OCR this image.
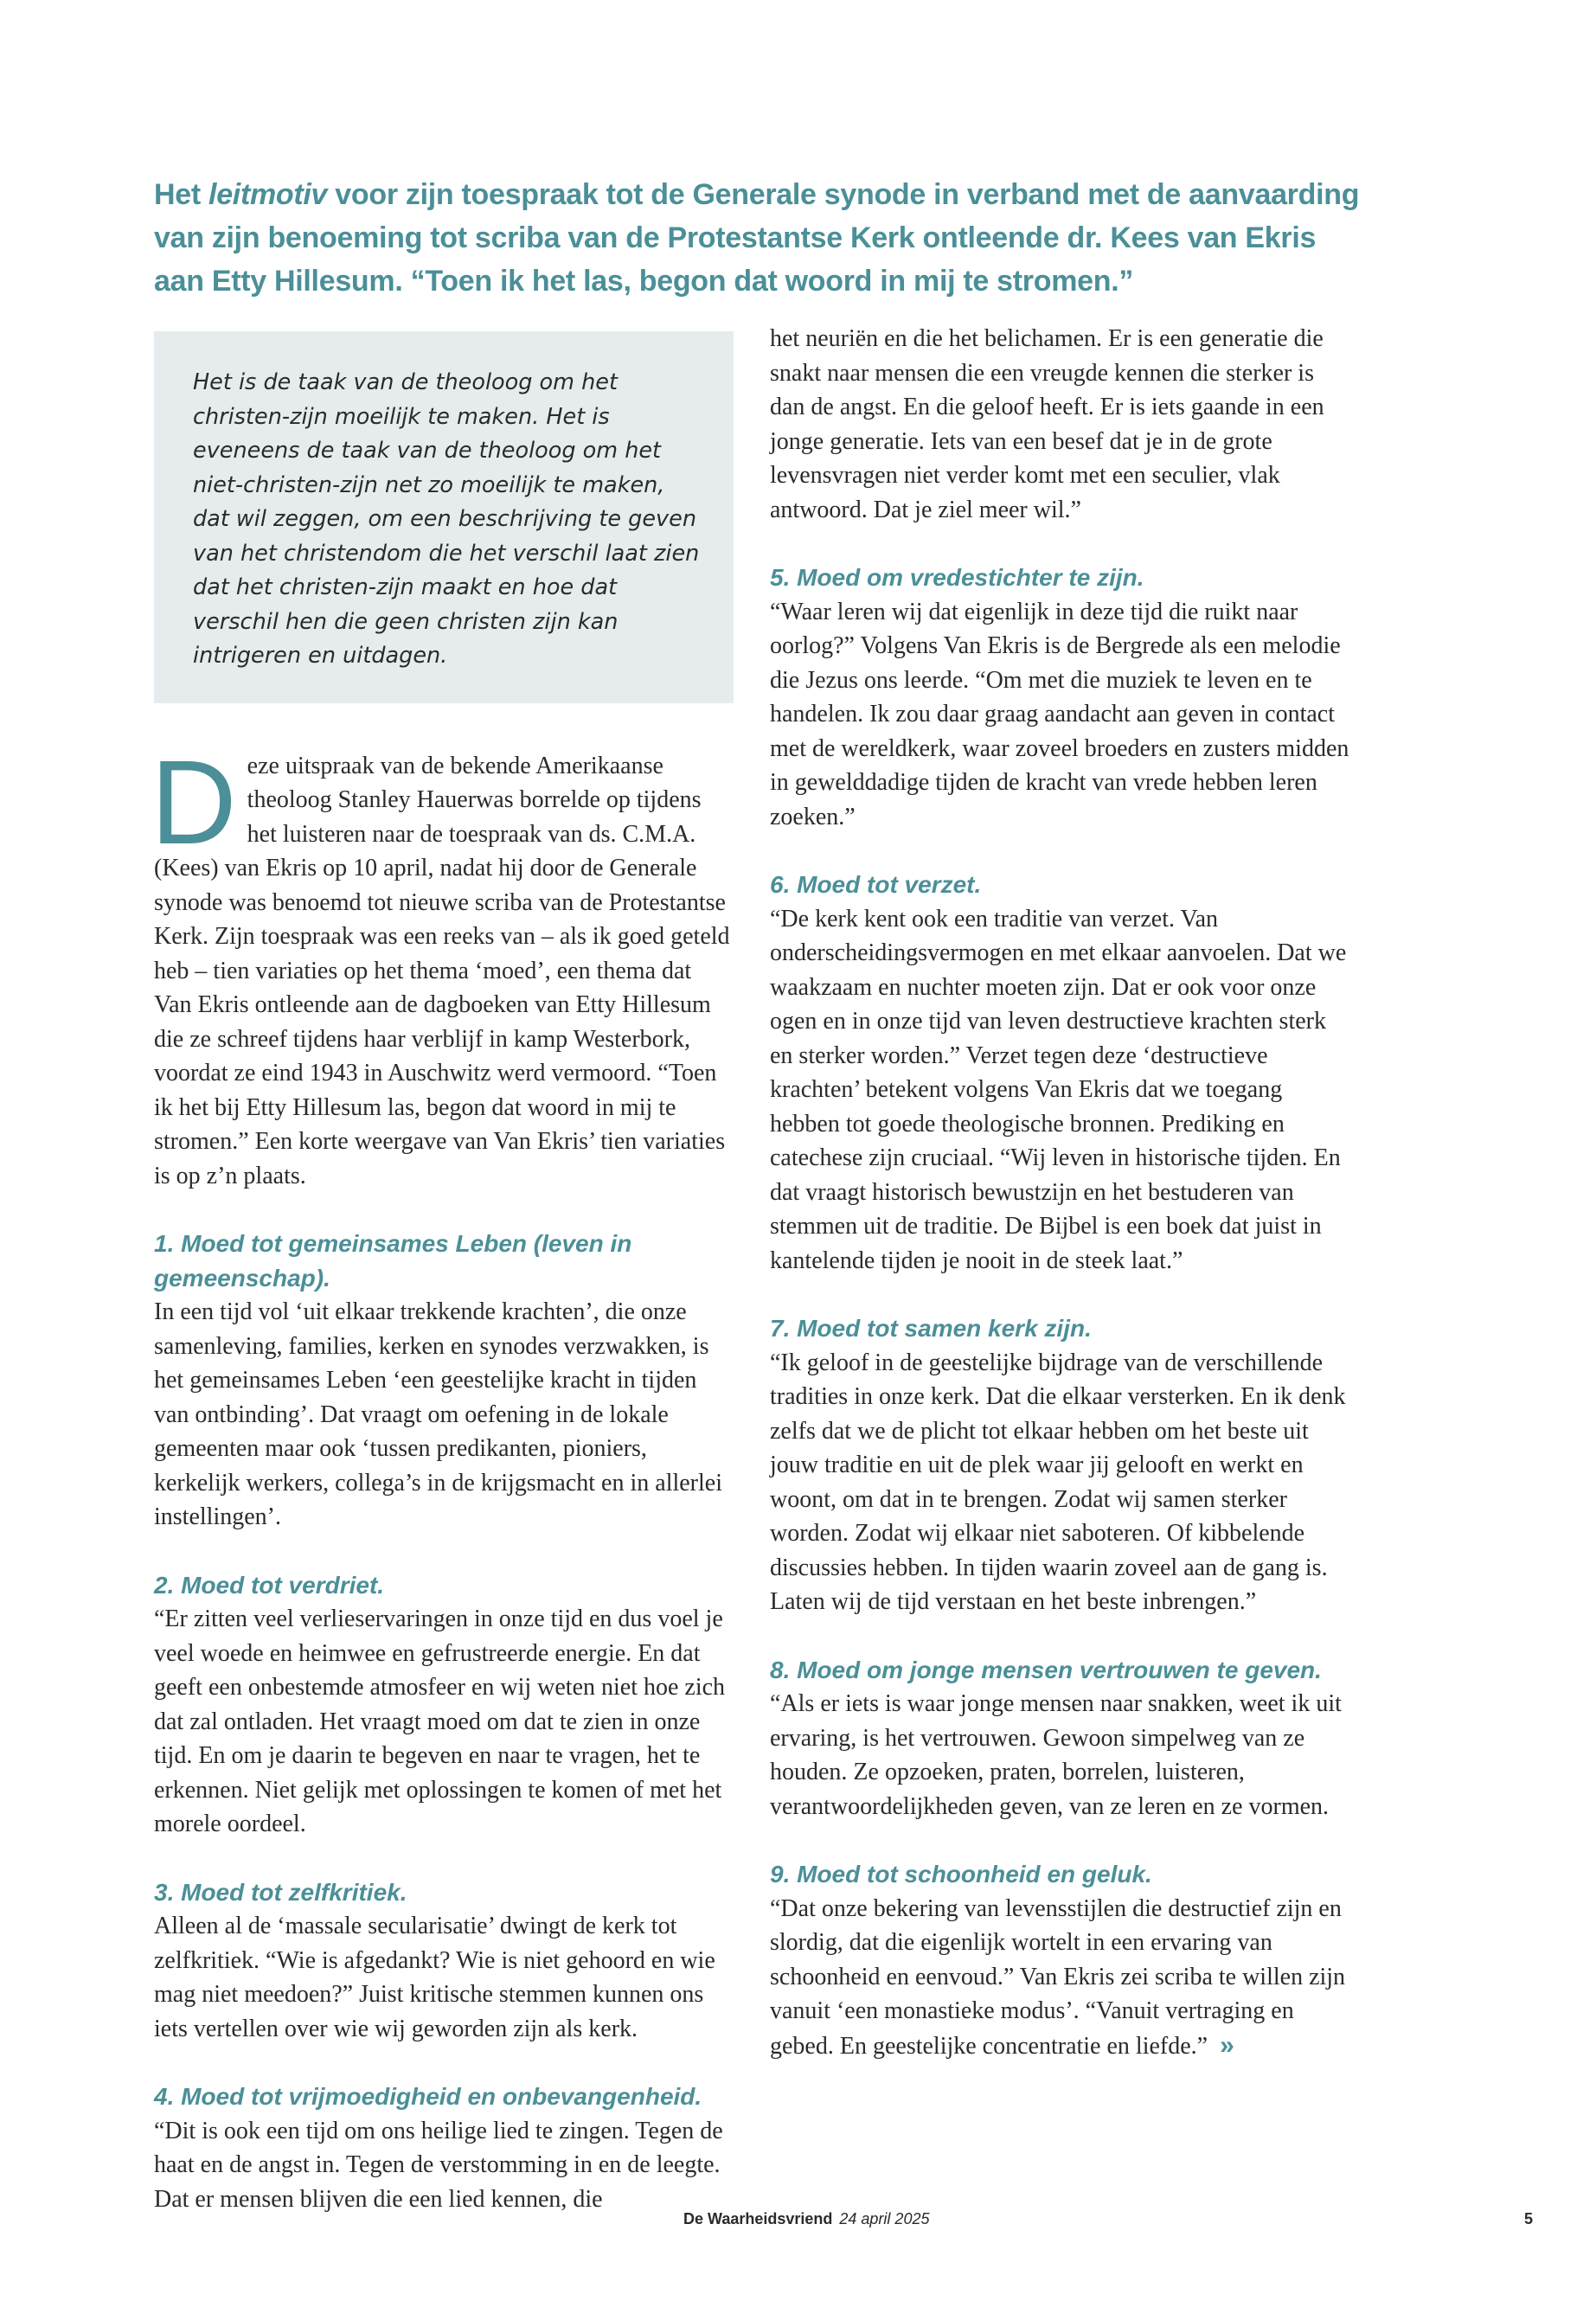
Het leitmotiv voor zijn toespraak tot de Generale synode in verband met de aanvaarding van zijn benoeming tot scriba van de Protestantse Kerk ontleende dr. Kees van Ekris aan Etty Hillesum. “Toen ik het las, begon dat woord in mij te stromen.”
Het is de taak van de theoloog om het christen-zijn moeilijk te maken. Het is eveneens de taak van de theoloog om het niet-christen-zijn net zo moeilijk te maken, dat wil zeggen, om een beschrijving te geven van het christendom die het verschil laat zien dat het christen-zijn maakt en hoe dat verschil hen die geen christen zijn kan intrigeren en uitdagen.

Deze uitspraak van de bekende Amerikaanse theoloog Stanley Hauerwas borrelde op tijdens het luisteren naar de toespraak van ds. C.M.A. (Kees) van Ekris op 10 april, nadat hij door de Generale synode was benoemd tot nieuwe scriba van de Protestantse Kerk. Zijn toespraak was een reeks van – als ik goed geteld heb – tien variaties op het thema ‘moed’, een thema dat Van Ekris ontleende aan de dagboeken van Etty Hillesum die ze schreef tijdens haar verblijf in kamp Westerbork, voordat ze eind 1943 in Auschwitz werd vermoord. “Toen ik het bij Etty Hillesum las, begon dat woord in mij te stromen.” Een korte weergave van Van Ekris’ tien variaties is op z’n plaats.

1. Moed tot gemeinsames Leben (leven in gemeenschap).

In een tijd vol ‘uit elkaar trekkende krachten’, die onze samenleving, families, kerken en synodes verzwakken, is het gemeinsames Leben ‘een geestelijke kracht in tijden van ontbinding’. Dat vraagt om oefening in de lokale gemeenten maar ook ‘tussen predikanten, pioniers, kerkelijk werkers, collega’s in de krijgsmacht en in allerlei instellingen’.

2. Moed tot verdriet.

“Er zitten veel verlieservaringen in onze tijd en dus voel je veel woede en heimwee en gefrustreerde energie. En dat geeft een onbestemde atmosfeer en wij weten niet hoe zich dat zal ontladen. Het vraagt moed om dat te zien in onze tijd. En om je daarin te begeven en naar te vragen, het te erkennen. Niet gelijk met oplossingen te komen of met het morele oordeel.

3. Moed tot zelfkritiek.

Alleen al de ‘massale secularisatie’ dwingt de kerk tot zelfkritiek. “Wie is afgedankt? Wie is niet gehoord en wie mag niet meedoen?” Juist kritische stemmen kunnen ons iets vertellen over wie wij geworden zijn als kerk.

4. Moed tot vrijmoedigheid en onbevangenheid.

“Dit is ook een tijd om ons heilige lied te zingen. Tegen de haat en de angst in. Tegen de verstomming in en de leegte. Dat er mensen blijven die een lied kennen, die

het neuriën en die het belichamen. Er is een generatie die snakt naar mensen die een vreugde kennen die sterker is dan de angst. En die geloof heeft. Er is iets gaande in een jonge generatie. Iets van een besef dat je in de grote levensvragen niet verder komt met een seculier, vlak antwoord. Dat je ziel meer wil.”

5. Moed om vredestichter te zijn.

“Waar leren wij dat eigenlijk in deze tijd die ruikt naar oorlog?” Volgens Van Ekris is de Bergrede als een melodie die Jezus ons leerde. “Om met die muziek te leven en te handelen. Ik zou daar graag aandacht aan geven in contact met de wereldkerk, waar zoveel broeders en zusters midden in gewelddadige tijden de kracht van vrede hebben leren zoeken.”

6. Moed tot verzet.

“De kerk kent ook een traditie van verzet. Van onderscheidingsvermogen en met elkaar aanvoelen. Dat we waakzaam en nuchter moeten zijn. Dat er ook voor onze ogen en in onze tijd van leven destructieve krachten sterk en sterker worden.” Verzet tegen deze ‘destructieve krachten’ betekent volgens Van Ekris dat we toegang hebben tot goede theologische bronnen. Prediking en catechese zijn cruciaal. “Wij leven in historische tijden. En dat vraagt historisch bewustzijn en het bestuderen van stemmen uit de traditie. De Bijbel is een boek dat juist in kantelende tijden je nooit in de steek laat.”

7. Moed tot samen kerk zijn.

“Ik geloof in de geestelijke bijdrage van de verschillende tradities in onze kerk. Dat die elkaar versterken. En ik denk zelfs dat we de plicht tot elkaar hebben om het beste uit jouw traditie en uit de plek waar jij gelooft en werkt en woont, om dat in te brengen. Zodat wij samen sterker worden. Zodat wij elkaar niet saboteren. Of kibbelende discussies hebben. In tijden waarin zoveel aan de gang is. Laten wij de tijd verstaan en het beste inbrengen.”

8. Moed om jonge mensen vertrouwen te geven.

“Als er iets is waar jonge mensen naar snakken, weet ik uit ervaring, is het vertrouwen. Gewoon simpelweg van ze houden. Ze opzoeken, praten, borrelen, luisteren, verantwoordelijkheden geven, van ze leren en ze vormen.

9. Moed tot schoonheid en geluk.

“Dat onze bekering van levensstijlen die destructief zijn en slordig, dat die eigenlijk wortelt in een ervaring van schoonheid en eenvoud.” Van Ekris zei scriba te willen zijn vanuit ‘een monastieke modus’. “Vanuit vertraging en gebed. En geestelijke concentratie en liefde.” »

De Waarheidsvriend 24 april 2025	5
